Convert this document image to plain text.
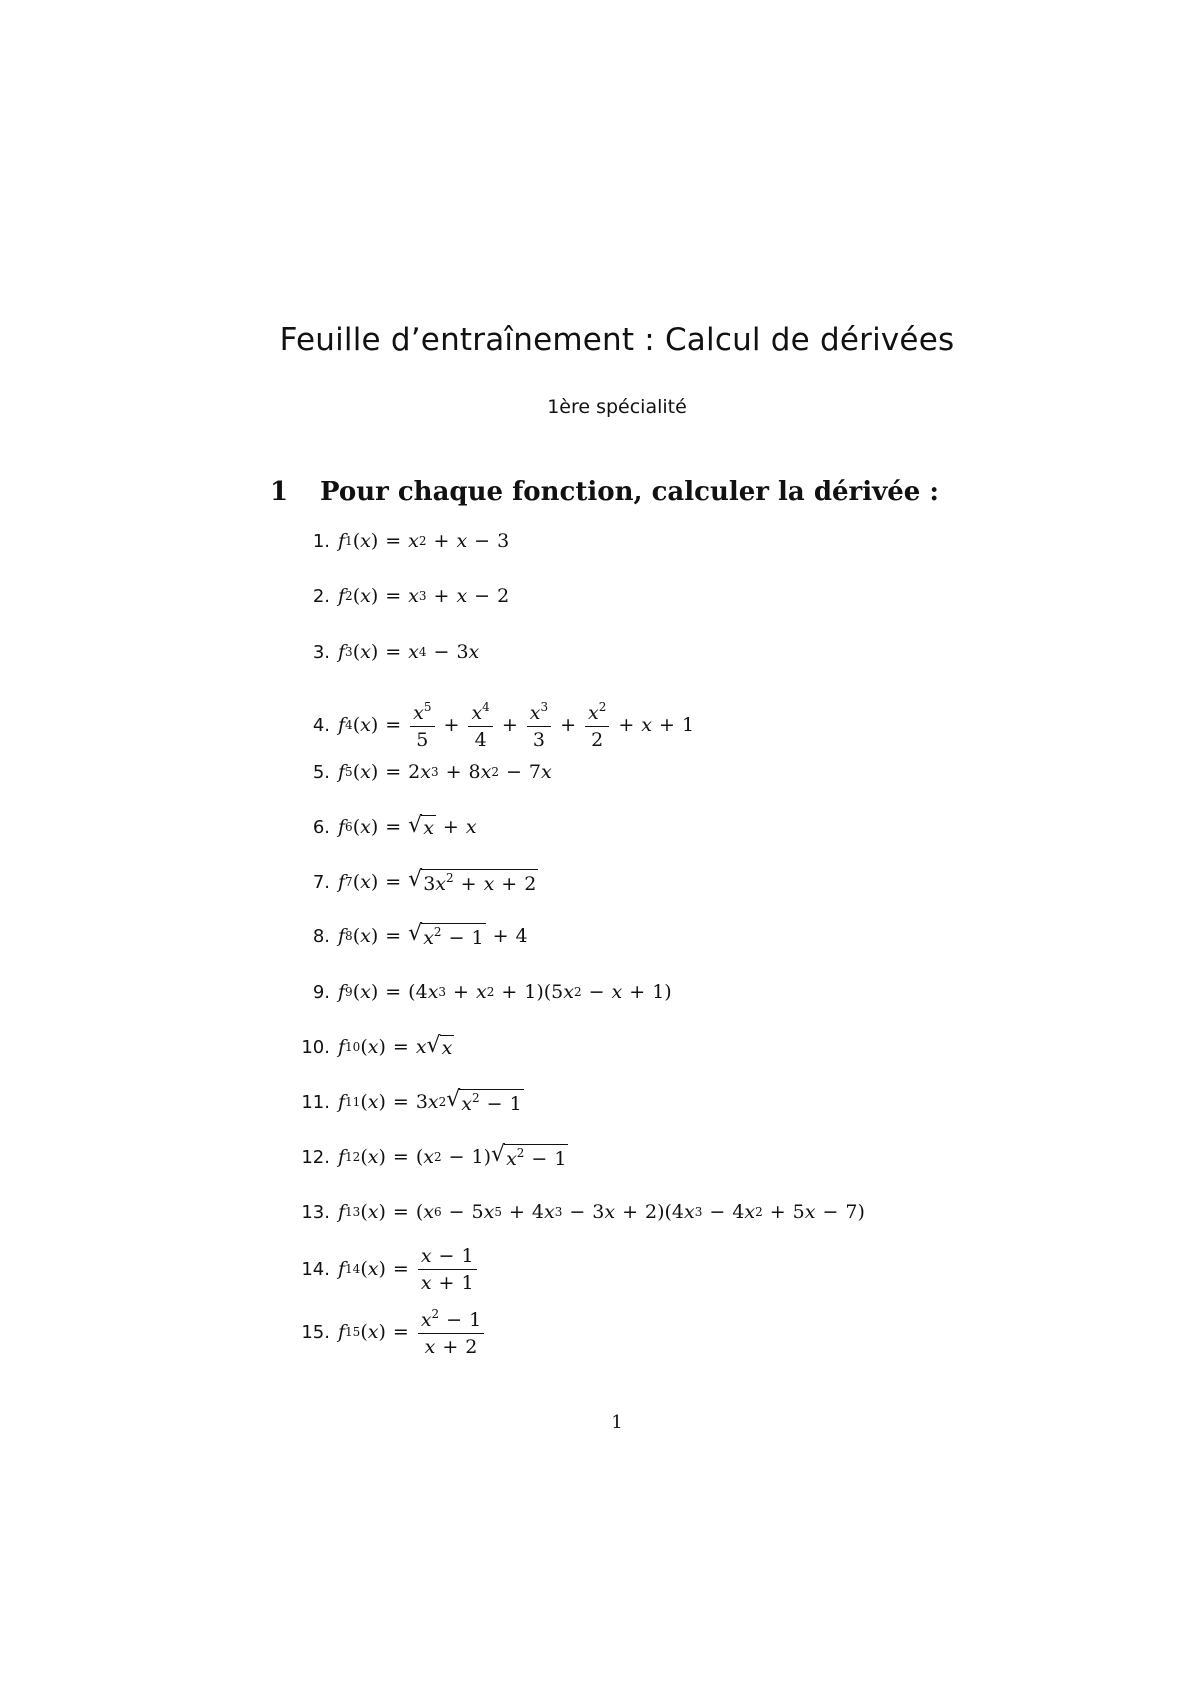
Feuille d’entraînement : Calcul de dérivées
1ère spécialité
1 Pour chaque fonction, calculer la dérivée :
1. f 1 ( x ) = x 2 + x − 3
2. f 2 ( x ) = x 3 + x − 2
3. f 3 ( x ) = x 4 − 3 x
4. f 4 ( x ) = $\frac{x^5}{5} + \frac{x^4}{4} + \frac{x^3}{3} + \frac{x^2}{2} + x + 1$
5. f 5 ( x ) = 2 x 3 + 8 x 2 − 7 x
6. f 6 ( x ) = √ x + x
7. f 7 ( x ) = √ $3x^2 + x + 2$
8. f 8 ( x ) = √ $x^2 - 1 + 4$
9. f 9 ( x ) = (4 x 3 + x 2 + 1)(5 x 2 − x + 1)
10. f 10 ( x ) = x √ x
11. f 11 ( x ) = 3 x 2 √ $x^2 - 1$
12. f 12 ( x ) = ( x 2 − 1) √ $x^2 - 1$
13. f 13 ( x ) = ( x 6 − 5 x 5 + 4 x 3 − 3 x + 2)(4 x 3 − 4 x 2 + 5 x − 7)
14. f 14 ( x ) = $\frac{x - 1}{x + 1}$
15. f 15 ( x ) = $\frac{x^2 - 1}{x + 2}$
1
